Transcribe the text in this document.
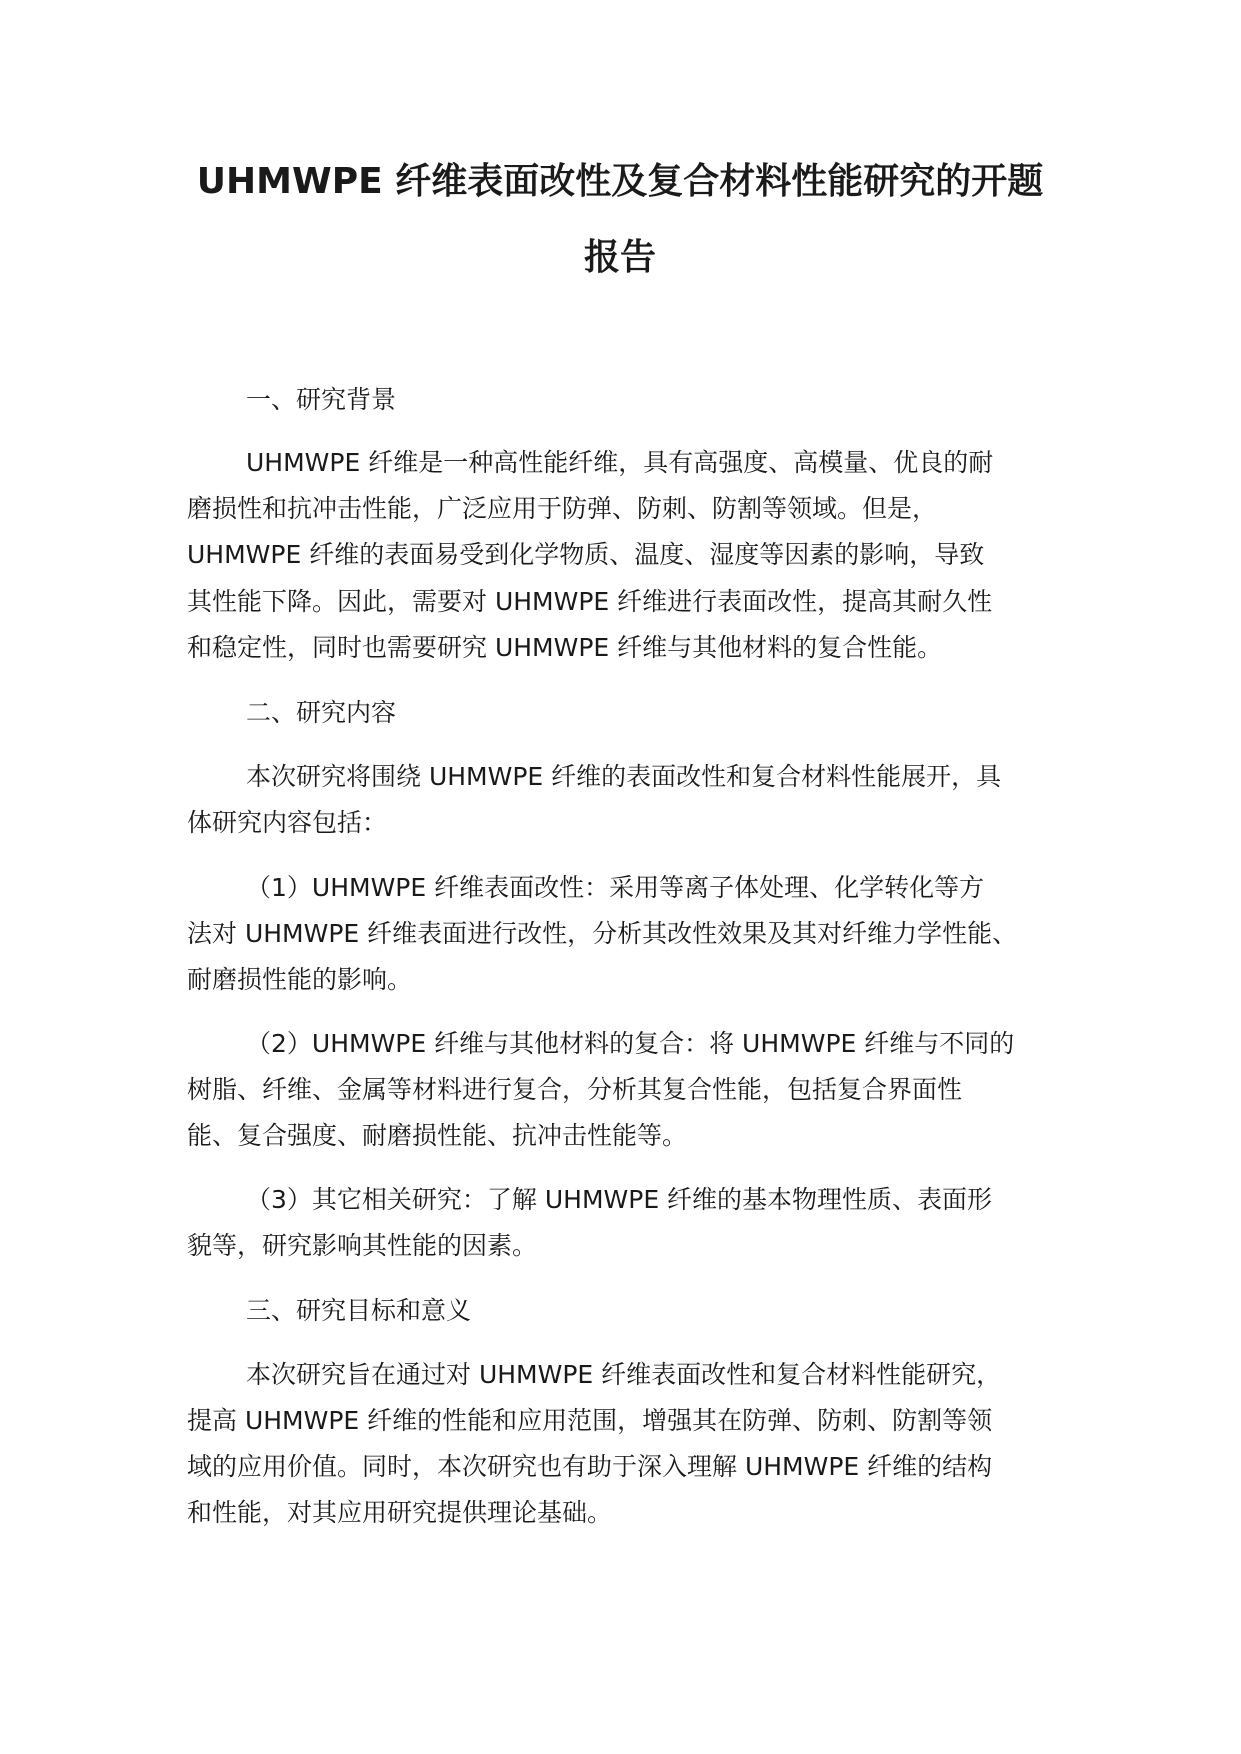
UHMWPE 纤维表面改性及复合材料性能研究的开题
报告
一、研究背景
UHMWPE 纤维是一种高性能纤维，具有高强度、高模量、优良的耐
磨损性和抗冲击性能，广泛应用于防弹、防刺、防割等领域。但是，
UHMWPE 纤维的表面易受到化学物质、温度、湿度等因素的影响，导致
其性能下降。因此，需要对 UHMWPE 纤维进行表面改性，提高其耐久性
和稳定性，同时也需要研究 UHMWPE 纤维与其他材料的复合性能。
二、研究内容
本次研究将围绕 UHMWPE 纤维的表面改性和复合材料性能展开，具
体研究内容包括：
（1）UHMWPE 纤维表面改性：采用等离子体处理、化学转化等方
法对 UHMWPE 纤维表面进行改性，分析其改性效果及其对纤维力学性能、
耐磨损性能的影响。
（2）UHMWPE 纤维与其他材料的复合：将 UHMWPE 纤维与不同的
树脂、纤维、金属等材料进行复合，分析其复合性能，包括复合界面性
能、复合强度、耐磨损性能、抗冲击性能等。
（3）其它相关研究：了解 UHMWPE 纤维的基本物理性质、表面形
貌等，研究影响其性能的因素。
三、研究目标和意义
本次研究旨在通过对 UHMWPE 纤维表面改性和复合材料性能研究，
提高 UHMWPE 纤维的性能和应用范围，增强其在防弹、防刺、防割等领
域的应用价值。同时，本次研究也有助于深入理解 UHMWPE 纤维的结构
和性能，对其应用研究提供理论基础。
